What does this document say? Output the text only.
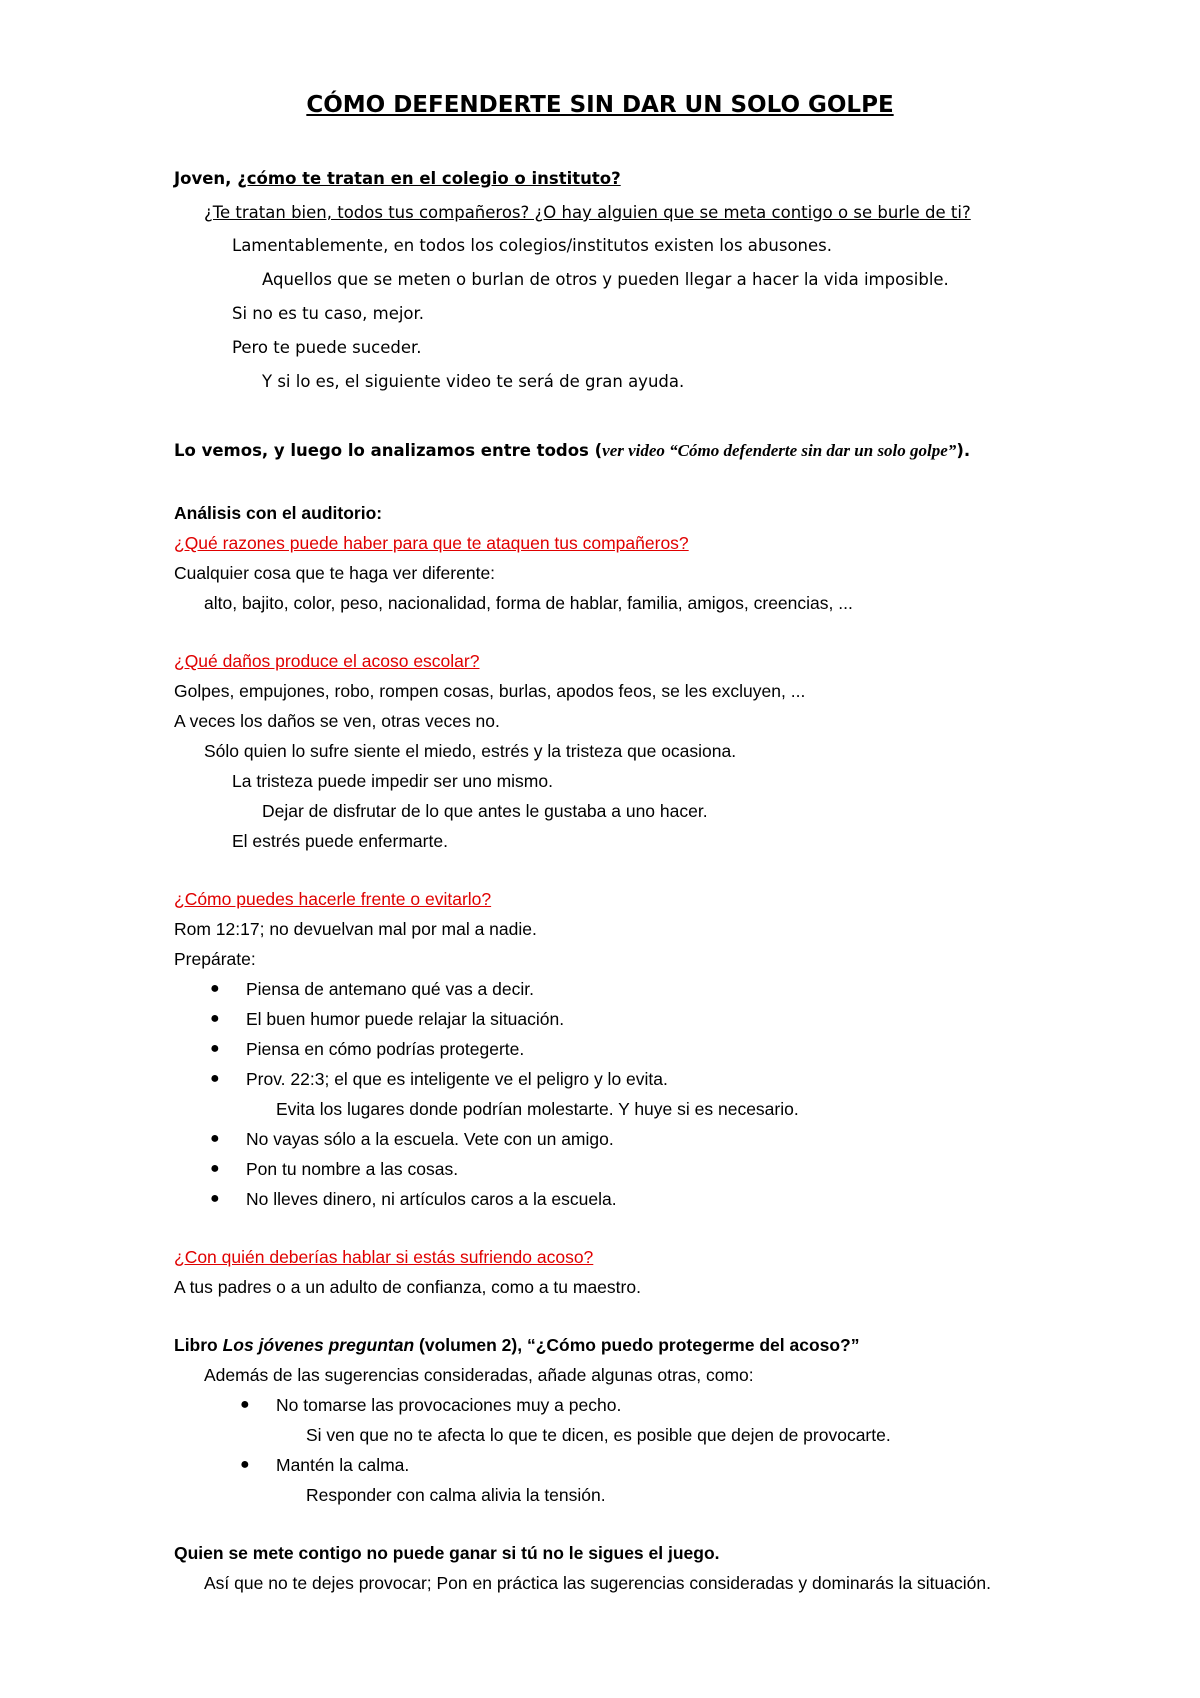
CÓMO DEFENDERTE SIN DAR UN SOLO GOLPE
Joven, ¿cómo te tratan en el colegio o instituto?
¿Te tratan bien, todos tus compañeros? ¿O hay alguien que se meta contigo o se burle de ti?
Lamentablemente, en todos los colegios/institutos existen los abusones.
Aquellos que se meten o burlan de otros y pueden llegar a hacer la vida imposible.
Si no es tu caso, mejor.
Pero te puede suceder.
Y si lo es, el siguiente video te será de gran ayuda.
Lo vemos, y luego lo analizamos entre todos (ver video “Cómo defenderte sin dar un solo golpe”).
Análisis con el auditorio:
¿Qué razones puede haber para que te ataquen tus compañeros?
Cualquier cosa que te haga ver diferente:
alto, bajito, color, peso, nacionalidad, forma de hablar, familia, amigos, creencias, ...
¿Qué daños produce el acoso escolar?
Golpes, empujones, robo, rompen cosas, burlas, apodos feos, se les excluyen, ...
A veces los daños se ven, otras veces no.
Sólo quien lo sufre siente el miedo, estrés y la tristeza que ocasiona.
La tristeza puede impedir ser uno mismo.
Dejar de disfrutar de lo que antes le gustaba a uno hacer.
El estrés puede enfermarte.
¿Cómo puedes hacerle frente o evitarlo?
Rom 12:17; no devuelvan mal por mal a nadie.
Prepárate:
● Piensa de antemano qué vas a decir.
● El buen humor puede relajar la situación.
● Piensa en cómo podrías protegerte.
● Prov. 22:3; el que es inteligente ve el peligro y lo evita.
Evita los lugares donde podrían molestarte. Y huye si es necesario.
● No vayas sólo a la escuela. Vete con un amigo.
● Pon tu nombre a las cosas.
● No lleves dinero, ni artículos caros a la escuela.
¿Con quién deberías hablar si estás sufriendo acoso?
A tus padres o a un adulto de confianza, como a tu maestro.
Libro Los jóvenes preguntan (volumen 2), “¿Cómo puedo protegerme del acoso?”
Además de las sugerencias consideradas, añade algunas otras, como:
● No tomarse las provocaciones muy a pecho.
Si ven que no te afecta lo que te dicen, es posible que dejen de provocarte.
● Mantén la calma.
Responder con calma alivia la tensión.
Quien se mete contigo no puede ganar si tú no le sigues el juego.
Así que no te dejes provocar; Pon en práctica las sugerencias consideradas y dominarás la situación.
